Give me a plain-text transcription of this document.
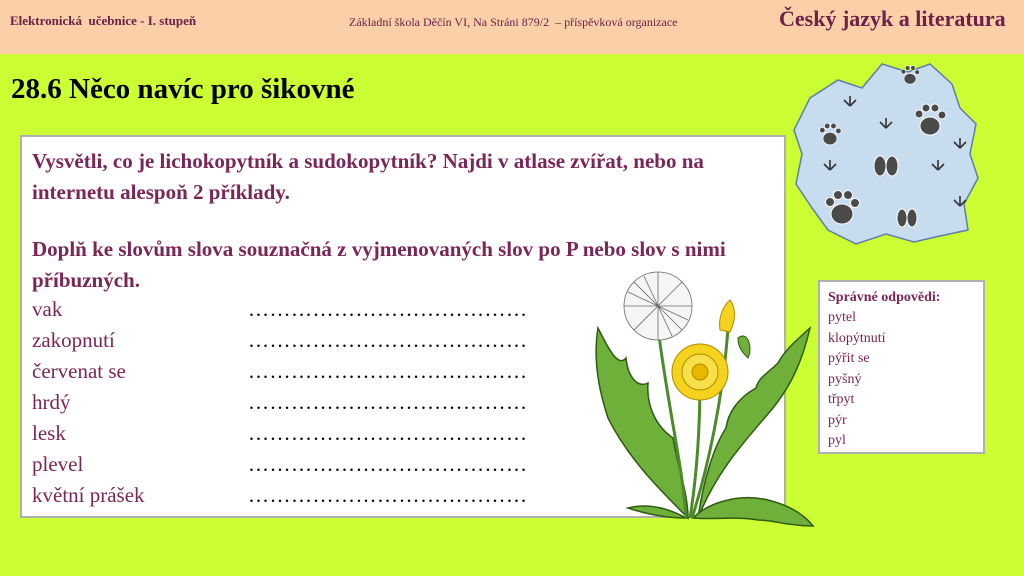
Elektronická  učebnice - I. stupeň	Základní škola Děčín VI, Na Stráni 879/2  – příspěvková organizace	Český jazyk a literatura
28.6 Něco navíc pro šikovné
Vysvětli, co je lichokopytník a sudokopytník? Najdi v atlase zvířat, nebo na internetu alespoň 2 příklady.
Doplň ke slovům slova souznačná z vyjmenovaných slov po P nebo slov s nimi příbuzných.
vak	…………………………………
zakopnutí	…………………………………
červenat se	…………………………………
hrdý	…………………………………
lesk	…………………………………
plevel	…………………………………
květní prášek	…………………………………
Správné odpovědi:
pytel
klopýtnutí
pýřit se
pyšný
třpyt
pýr
pyl
